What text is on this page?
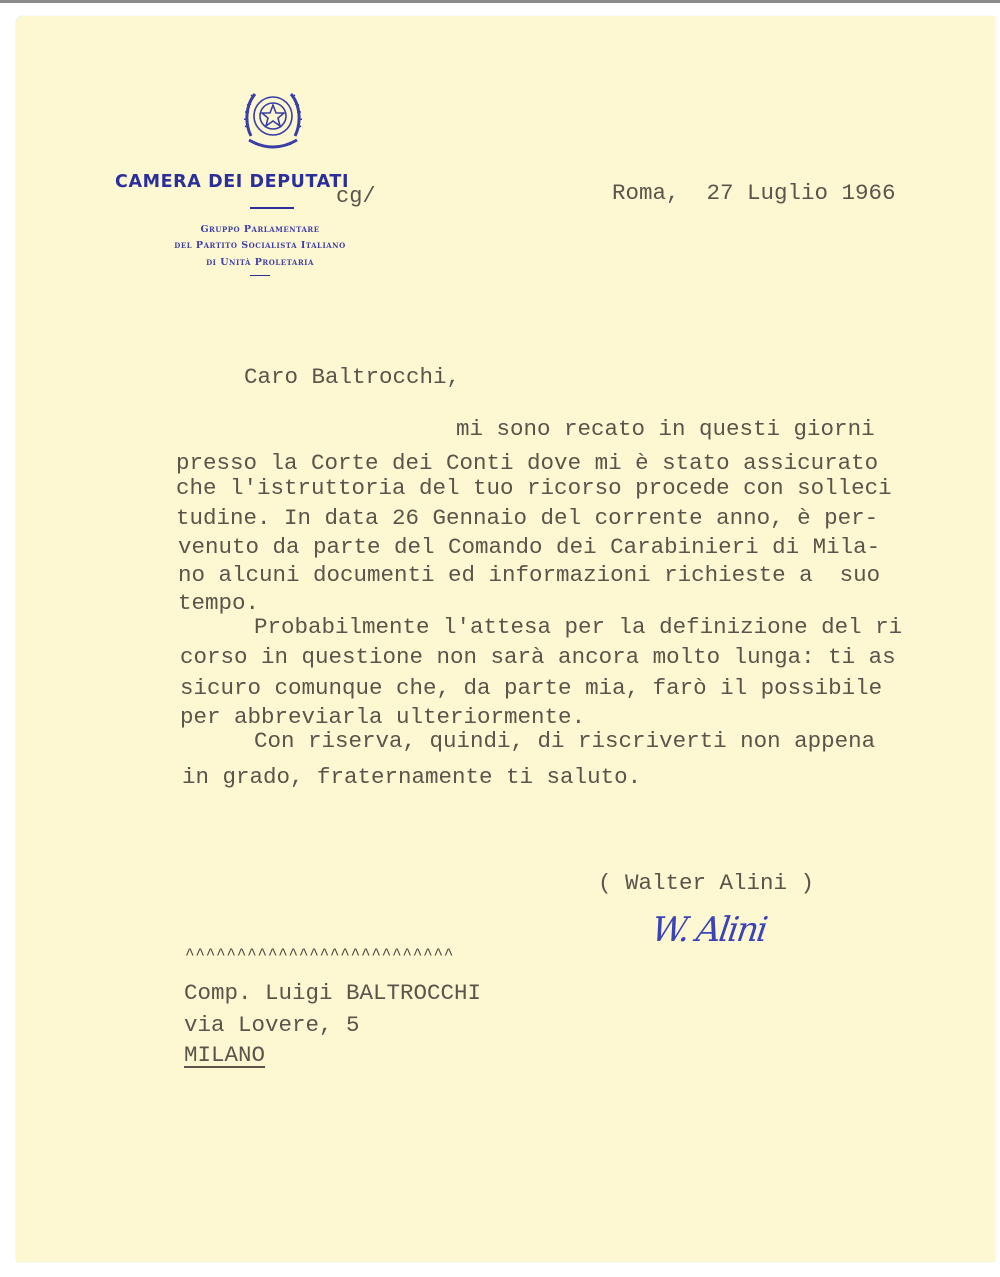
CAMERA DEI DEPUTATI
cg/
Gruppo Parlamentare
del Partito Socialista Italiano
di Unità Proletaria
Roma,  27 Luglio 1966
Caro Baltrocchi,
mi sono recato in questi giorni
presso la Corte dei Conti dove mi è stato assicurato
che l'istruttoria del tuo ricorso procede con solleci
tudine. In data 26 Gennaio del corrente anno, è per-
venuto da parte del Comando dei Carabinieri di Mila-
no alcuni documenti ed informazioni richieste a  suo
tempo.
Probabilmente l'attesa per la definizione del ri
corso in questione non sarà ancora molto lunga: ti as
sicuro comunque che, da parte mia, farò il possibile
per abbreviarla ulteriormente.
Con riserva, quindi, di riscriverti non appena
in grado, fraternamente ti saluto.
( Walter Alini )
W. Alini
^^^^^^^^^^^^^^^^^^^^^^^^^^
Comp. Luigi BALTROCCHI
via Lovere, 5
MILANO
